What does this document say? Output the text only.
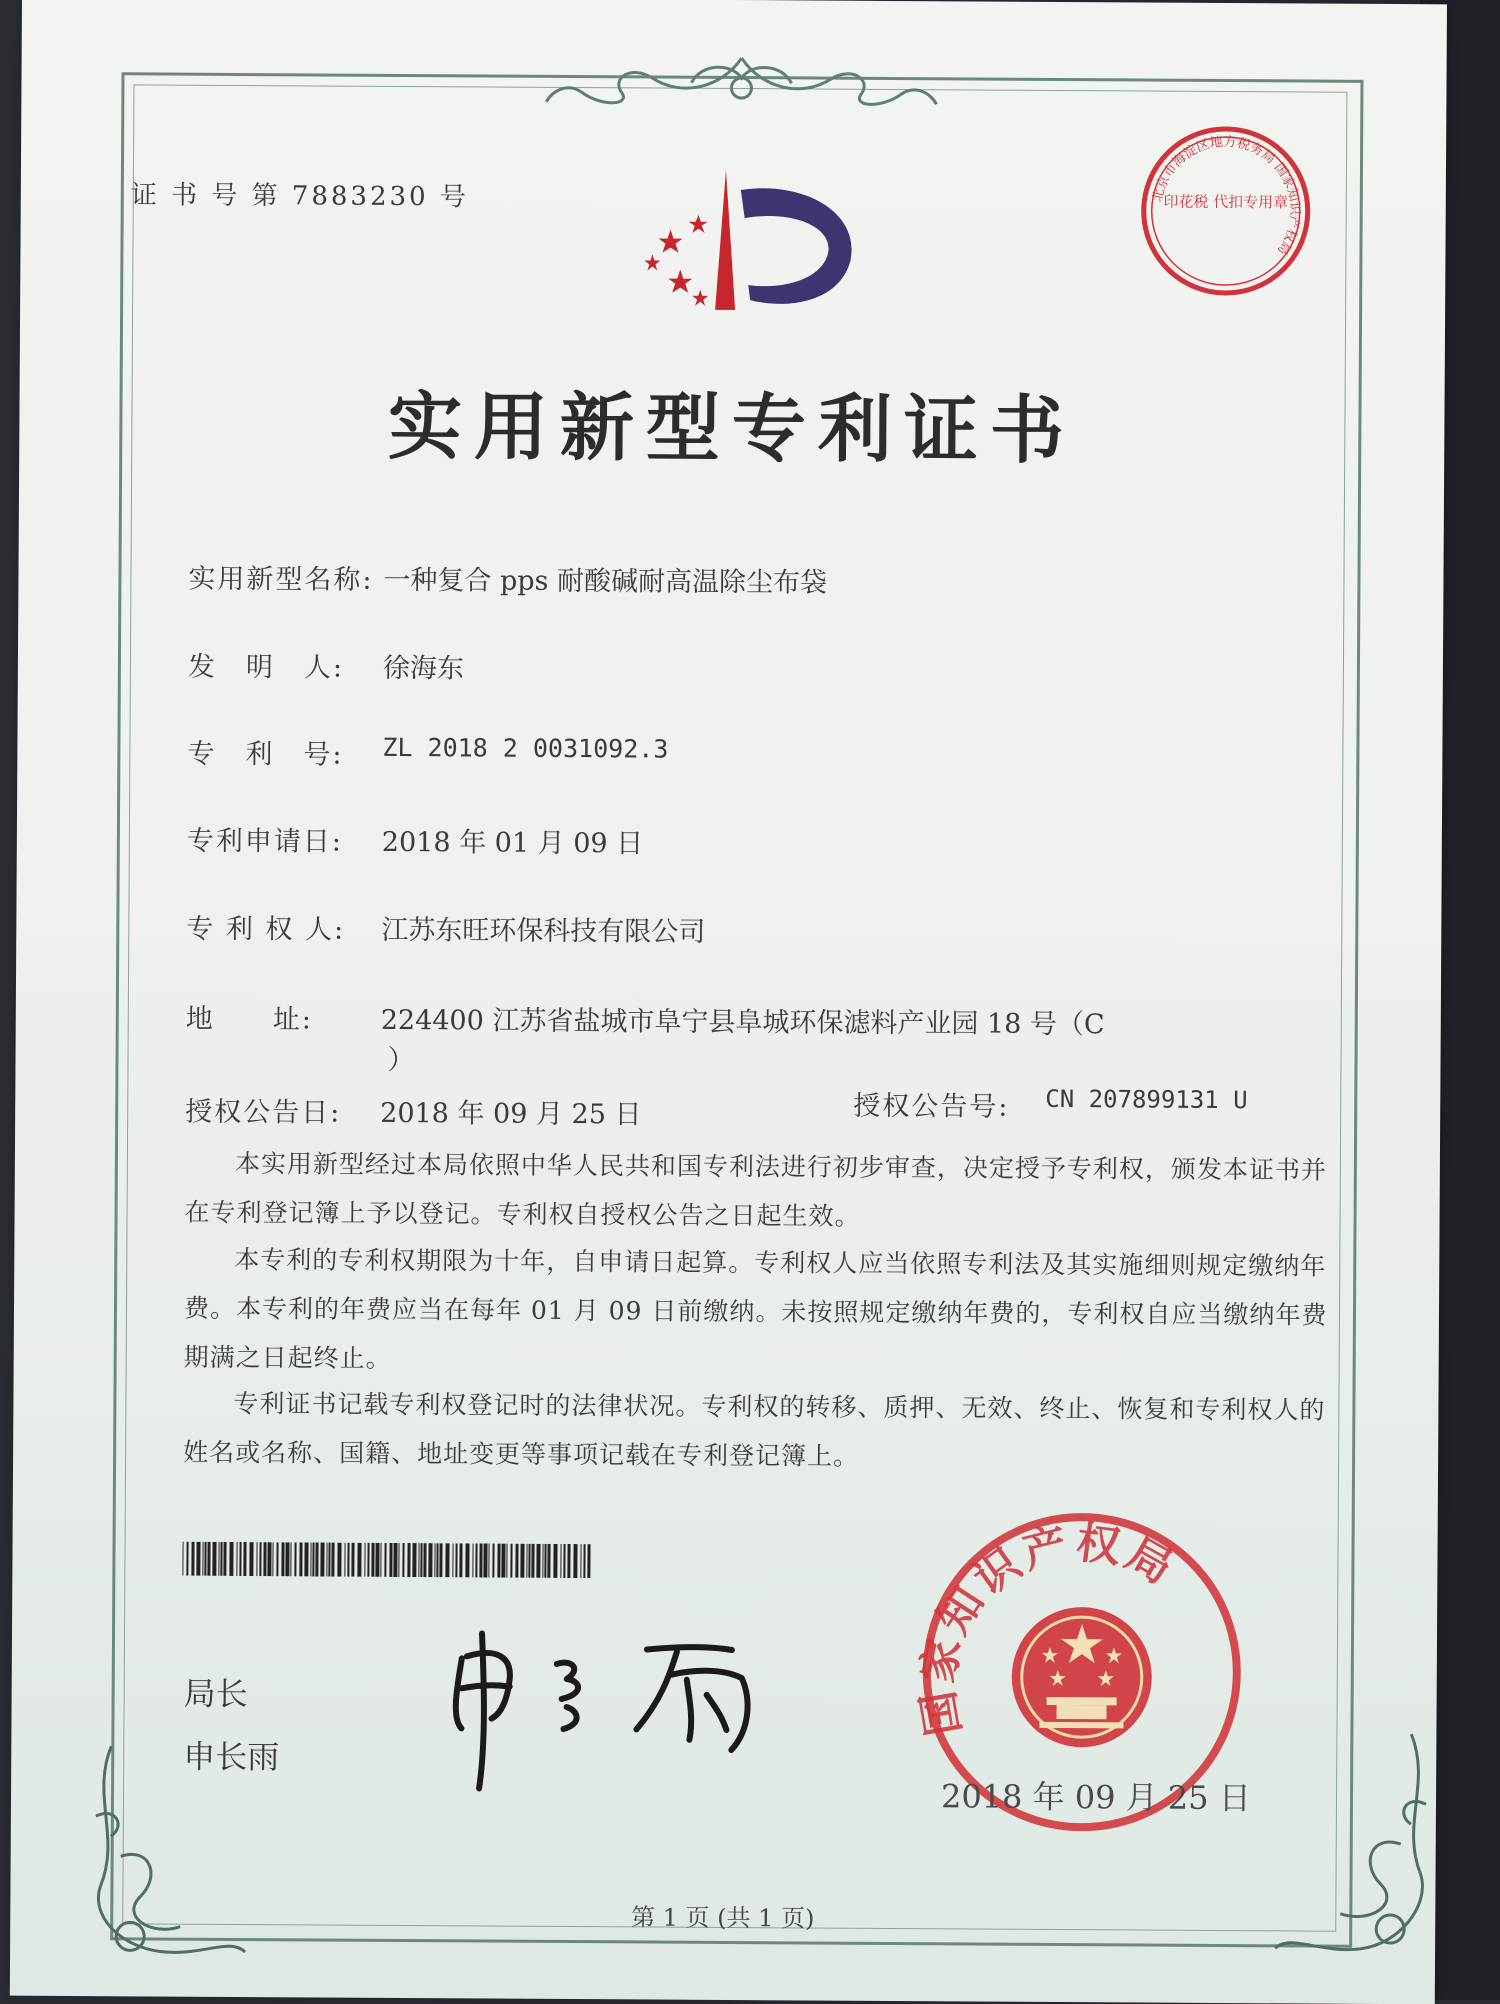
证 书 号 第 7883230 号	北京市海淀区地方税务局 国家知识产权局
印花税 代扣专用章
实用新型专利证书
实用新型名称: 一种复合 pps 耐酸碱耐高温除尘布袋
发　明　人: 徐海东
专　利　号: ZL 2018 2 0031092.3
专利申请日: 2018 年 01 月 09 日
专 利 权 人: 江苏东旺环保科技有限公司
地　　址:	224400 江苏省盐城市阜宁县阜城环保滤料产业园 18 号（C
）
授权公告日: 2018 年 09 月 25 日	授权公告号: CN 207899131 U
本实用新型经过本局依照中华人民共和国专利法进行初步审查，决定授予专利权，颁发本证书并在专利登记簿上予以登记。专利权自授权公告之日起生效。
本专利的专利权期限为十年，自申请日起算。专利权人应当依照专利法及其实施细则规定缴纳年费。本专利的年费应当在每年 01 月 09 日前缴纳。未按照规定缴纳年费的，专利权自应当缴纳年费期满之日起终止。
专利证书记载专利权登记时的法律状况。专利权的转移、质押、无效、终止、恢复和专利权人的姓名或名称、国籍、地址变更等事项记载在专利登记簿上。
局长
申长雨
国家知识产权局
2018 年 09 月 25 日
第 1 页 (共 1 页)
